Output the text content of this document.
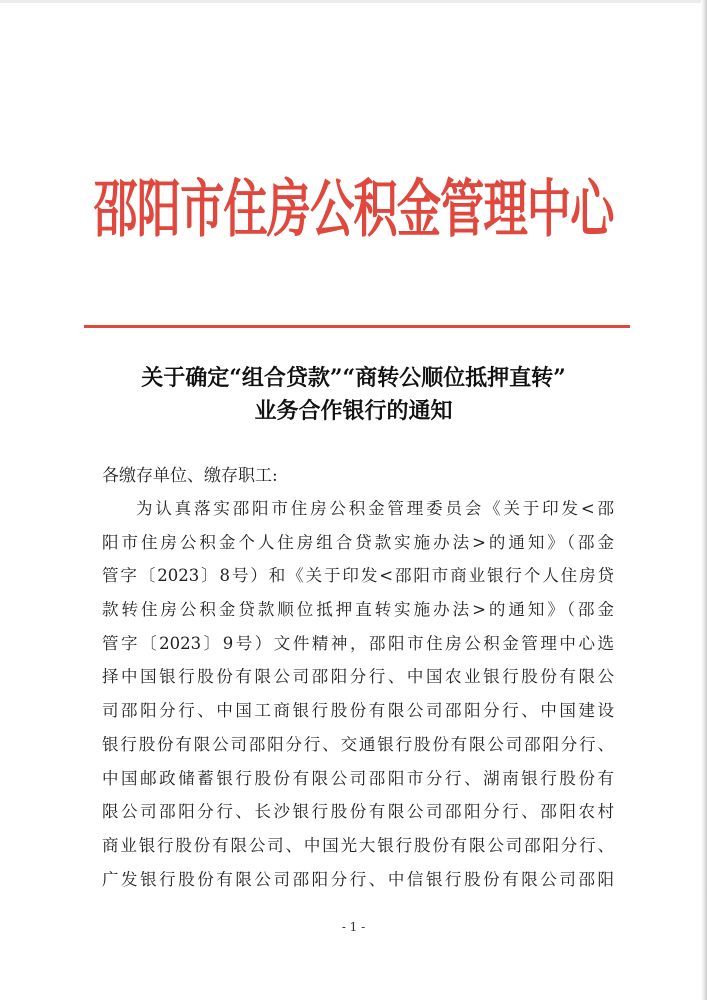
邵阳市住房公积金管理中心
关于确定“组合贷款”“商转公顺位抵押直转”
业务合作银行的通知
各缴存单位、缴存职工:
为认真落实邵阳市住房公积金管理委员会《关于印发<邵
阳市住房公积金个人住房组合贷款实施办法>的通知》（邵金
管字〔2023〕8号）和《关于印发<邵阳市商业银行个人住房贷
款转住房公积金贷款顺位抵押直转实施办法>的通知》（邵金
管字〔2023〕9号）文件精神，邵阳市住房公积金管理中心选
择中国银行股份有限公司邵阳分行、中国农业银行股份有限公
司邵阳分行、中国工商银行股份有限公司邵阳分行、中国建设
银行股份有限公司邵阳分行、交通银行股份有限公司邵阳分行、
中国邮政储蓄银行股份有限公司邵阳市分行、湖南银行股份有
限公司邵阳分行、长沙银行股份有限公司邵阳分行、邵阳农村
商业银行股份有限公司、中国光大银行股份有限公司邵阳分行、
广发银行股份有限公司邵阳分行、中信银行股份有限公司邵阳
- 1 -
